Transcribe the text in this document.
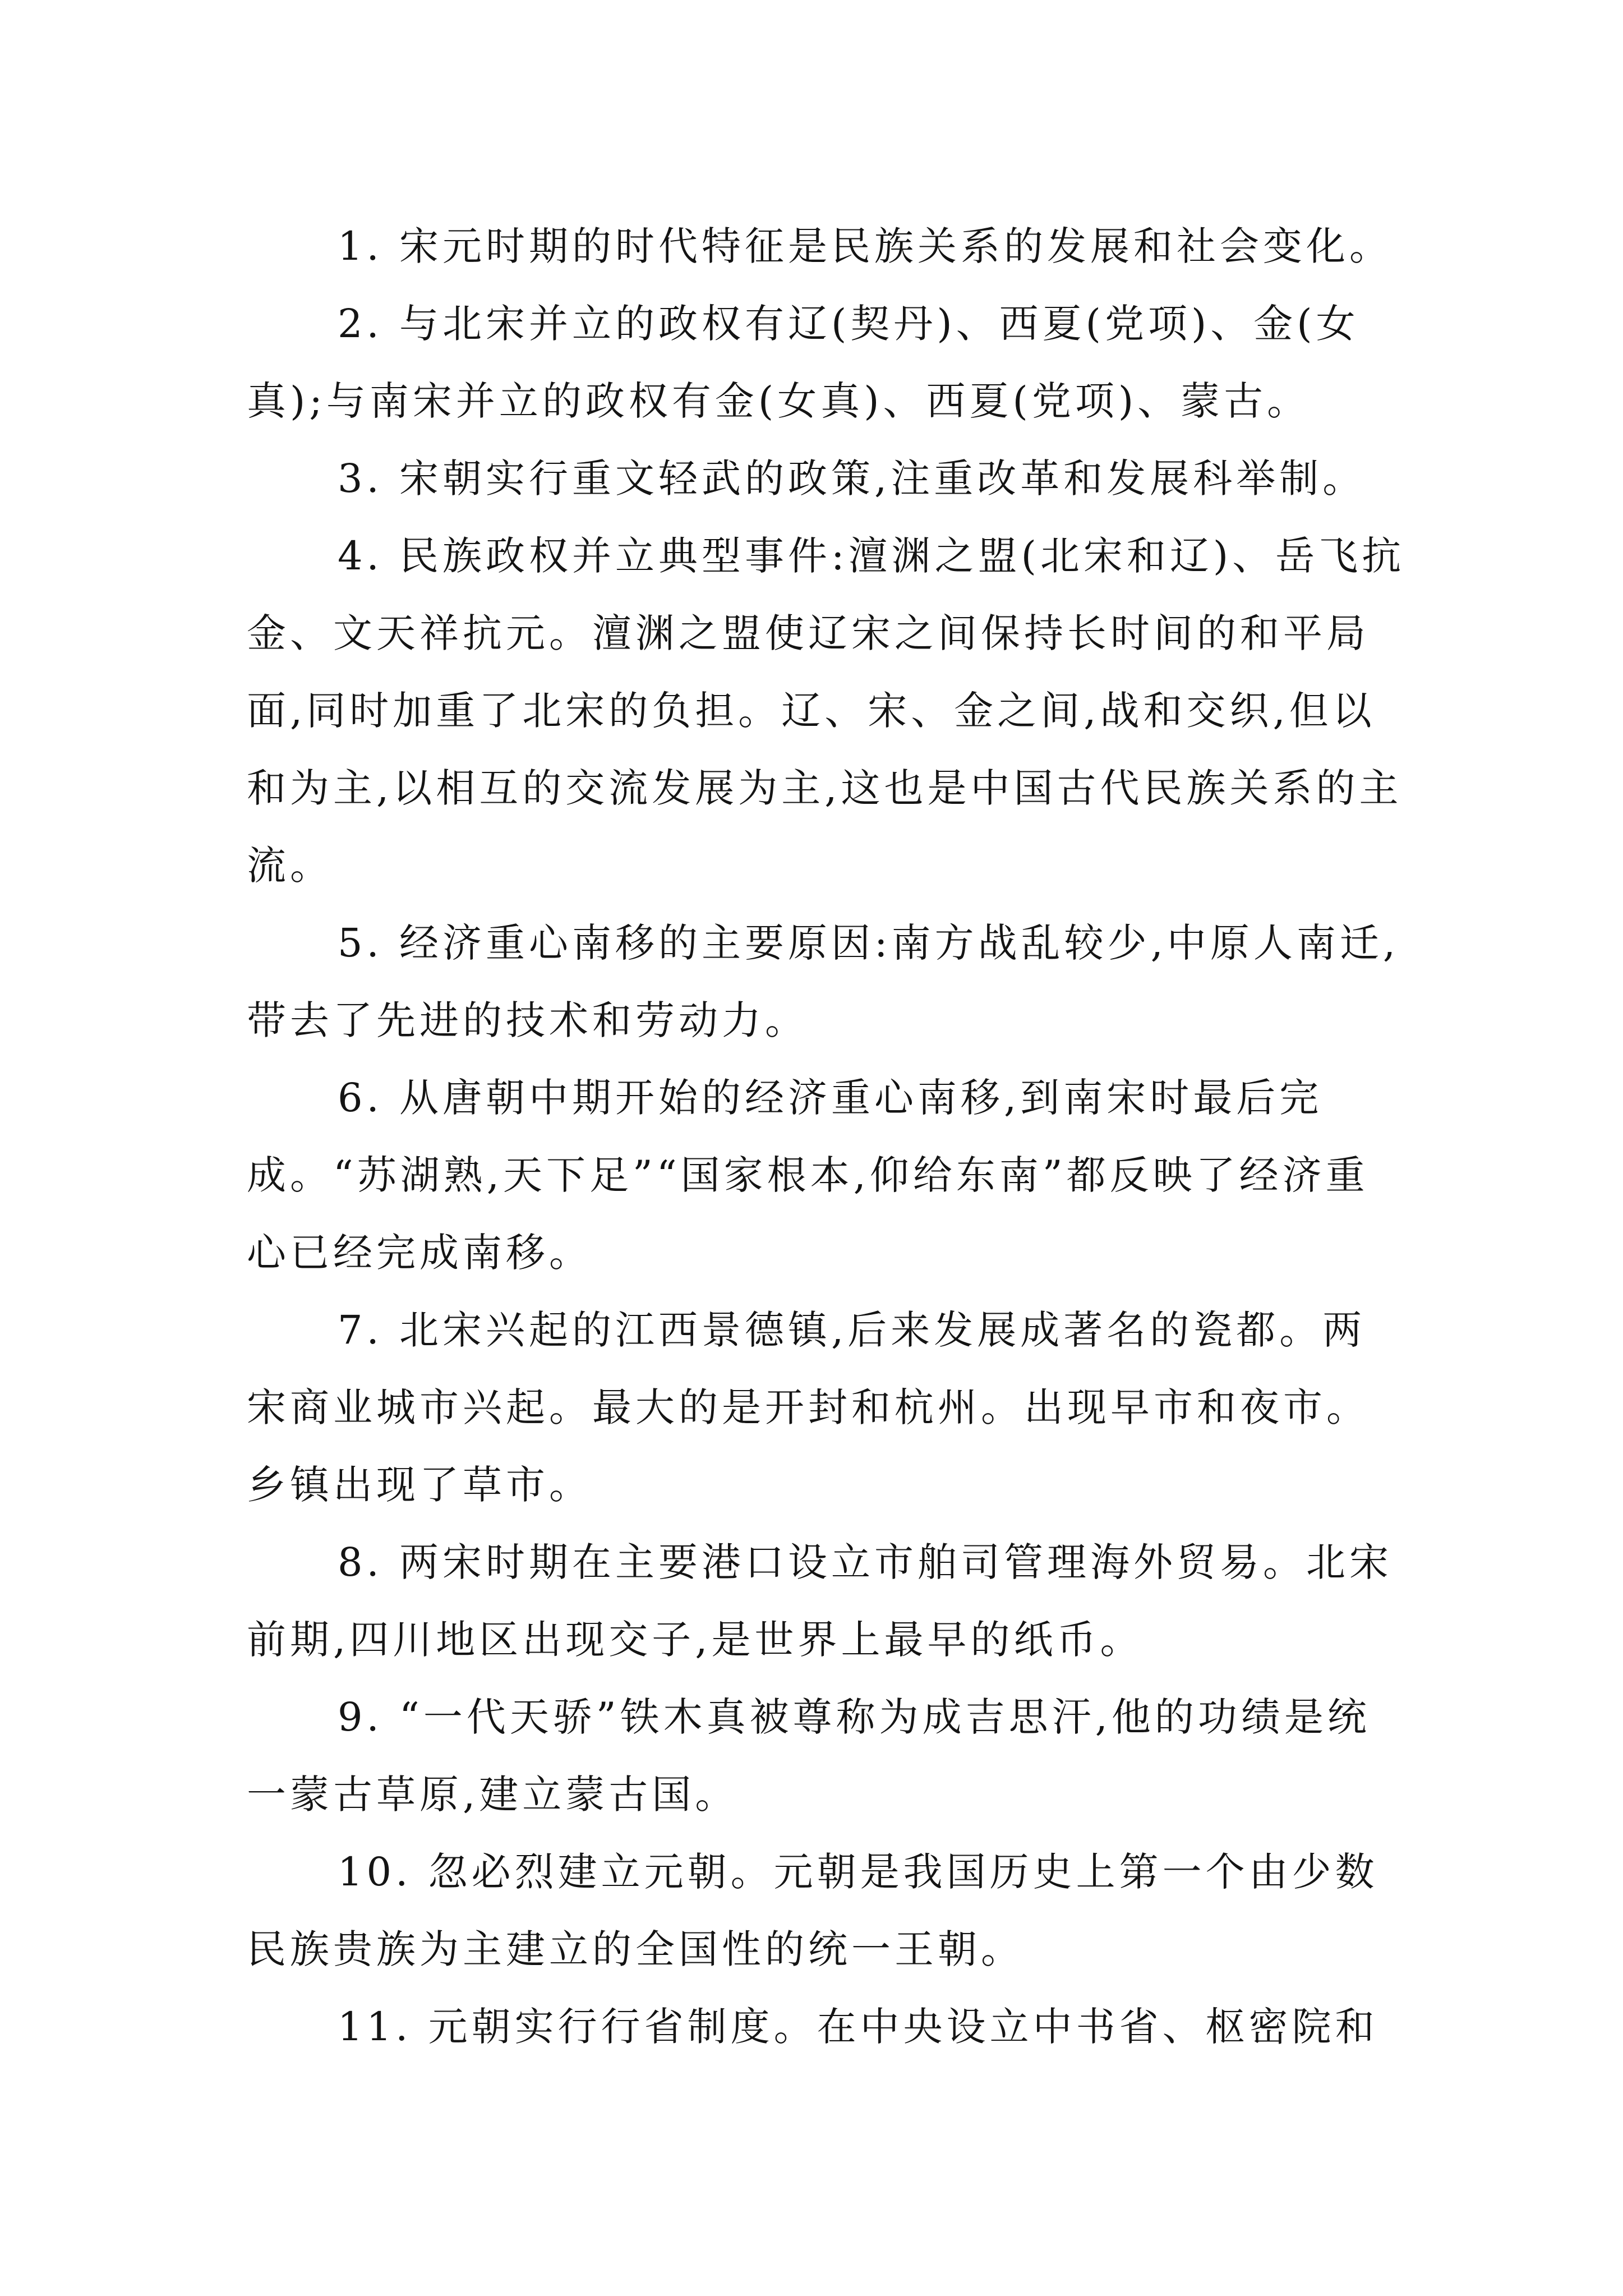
1. 宋元时期的时代特征是民族关系的发展和社会变化。

2. 与北宋并立的政权有辽(契丹)、西夏(党项)、金(女真);与南宋并立的政权有金(女真)、西夏(党项)、蒙古。

3. 宋朝实行重文轻武的政策,注重改革和发展科举制。

4. 民族政权并立典型事件:澶渊之盟(北宋和辽)、岳飞抗金、文天祥抗元。澶渊之盟使辽宋之间保持长时间的和平局面,同时加重了北宋的负担。辽、宋、金之间,战和交织,但以和为主,以相互的交流发展为主,这也是中国古代民族关系的主流。

5. 经济重心南移的主要原因:南方战乱较少,中原人南迁,带去了先进的技术和劳动力。

6. 从唐朝中期开始的经济重心南移,到南宋时最后完成。“苏湖熟,天下足”“国家根本,仰给东南”都反映了经济重心已经完成南移。

7. 北宋兴起的江西景德镇,后来发展成著名的瓷都。两宋商业城市兴起。最大的是开封和杭州。出现早市和夜市。乡镇出现了草市。

8. 两宋时期在主要港口设立市舶司管理海外贸易。北宋前期,四川地区出现交子,是世界上最早的纸币。

9. “一代天骄”铁木真被尊称为成吉思汗,他的功绩是统一蒙古草原,建立蒙古国。

10. 忽必烈建立元朝。元朝是我国历史上第一个由少数民族贵族为主建立的全国性的统一王朝。

11. 元朝实行行省制度。在中央设立中书省、枢密院和
